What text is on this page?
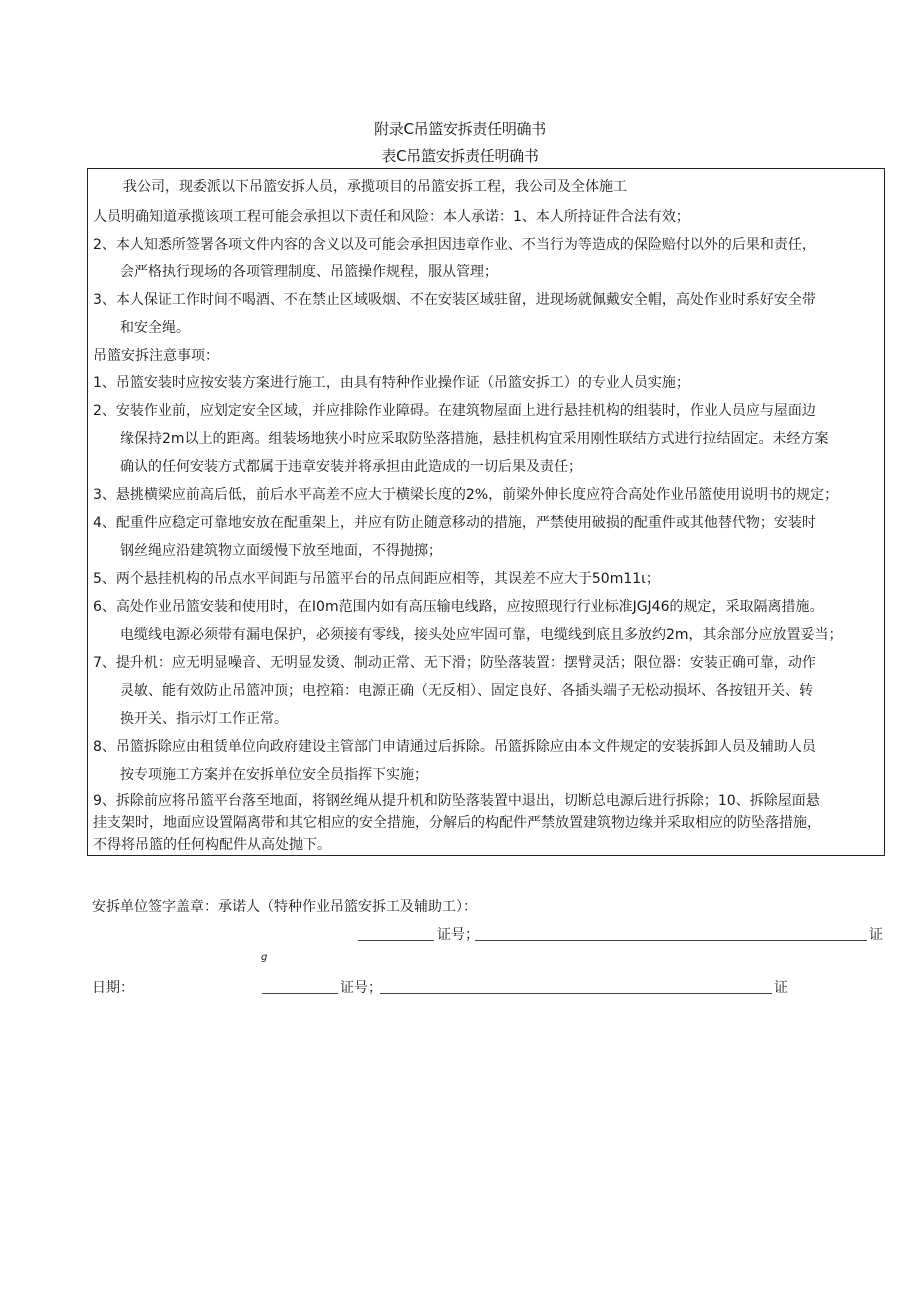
附录C吊篮安拆责任明确书
表C吊篮安拆责任明确书
我公司，现委派以下吊篮安拆人员，承揽项目的吊篮安拆工程，我公司及全体施工
人员明确知道承揽该项工程可能会承担以下责任和风险：本人承诺：1、本人所持证件合法有效；
2、本人知悉所签署各项文件内容的含义以及可能会承担因违章作业、不当行为等造成的保险赔付以外的后果和责任，
会严格执行现场的各项管理制度、吊篮操作规程，服从管理；
3、本人保证工作时间不喝酒、不在禁止区域吸烟、不在安装区域驻留，进现场就佩戴安全帽，高处作业时系好安全带
和安全绳。
吊篮安拆注意事项：
1、吊篮安装时应按安装方案进行施工，由具有特种作业操作证（吊篮安拆工）的专业人员实施；
2、安装作业前，应划定安全区域，并应排除作业障碍。在建筑物屋面上进行悬挂机构的组装时，作业人员应与屋面边
缘保持2m以上的距离。组装场地狭小时应采取防坠落措施，悬挂机构宜采用刚性联结方式进行拉结固定。未经方案
确认的任何安装方式都属于违章安装并将承担由此造成的一切后果及责任；
3、悬挑横梁应前高后低，前后水平高差不应大于横梁长度的2%，前梁外伸长度应符合高处作业吊篮使用说明书的规定；
4、配重件应稳定可靠地安放在配重架上，并应有防止随意移动的措施，严禁使用破损的配重件或其他替代物；安装时
钢丝绳应沿建筑物立面缓慢下放至地面，不得抛掷；
5、两个悬挂机构的吊点水平间距与吊篮平台的吊点间距应相等，其误差不应大于50m11ι；
6、高处作业吊篮安装和使用时，在I0m范围内如有高压输电线路，应按照现行行业标准JGJ46的规定，采取隔离措施。
电缆线电源必须带有漏电保护，必须接有零线，接头处应牢固可靠，电缆线到底且多放约2m，其余部分应放置妥当；
7、提升机：应无明显噪音、无明显发烫、制动正常、无下滑；防坠落装置：摆臂灵活；限位器：安装正确可靠，动作
灵敏、能有效防止吊篮冲顶；电控箱：电源正确（无反相）、固定良好、各插头端子无松动损坏、各按钮开关、转
换开关、指示灯工作正常。
8、吊篮拆除应由租赁单位向政府建设主管部门申请通过后拆除。吊篮拆除应由本文件规定的安装拆卸人员及辅助人员
按专项施工方案并在安拆单位安全员指挥下实施；
9、拆除前应将吊篮平台落至地面，将钢丝绳从提升机和防坠落装置中退出，切断总电源后进行拆除；10、拆除屋面悬
挂支架时，地面应设置隔离带和其它相应的安全措施，分解后的构配件严禁放置建筑物边缘并采取相应的防坠落措施，
不得将吊篮的任何构配件从高处抛下。
安拆单位签字盖章：承诺人（特种作业吊篮安拆工及辅助工）：
证号；	证
g
日期：	证号；	证
